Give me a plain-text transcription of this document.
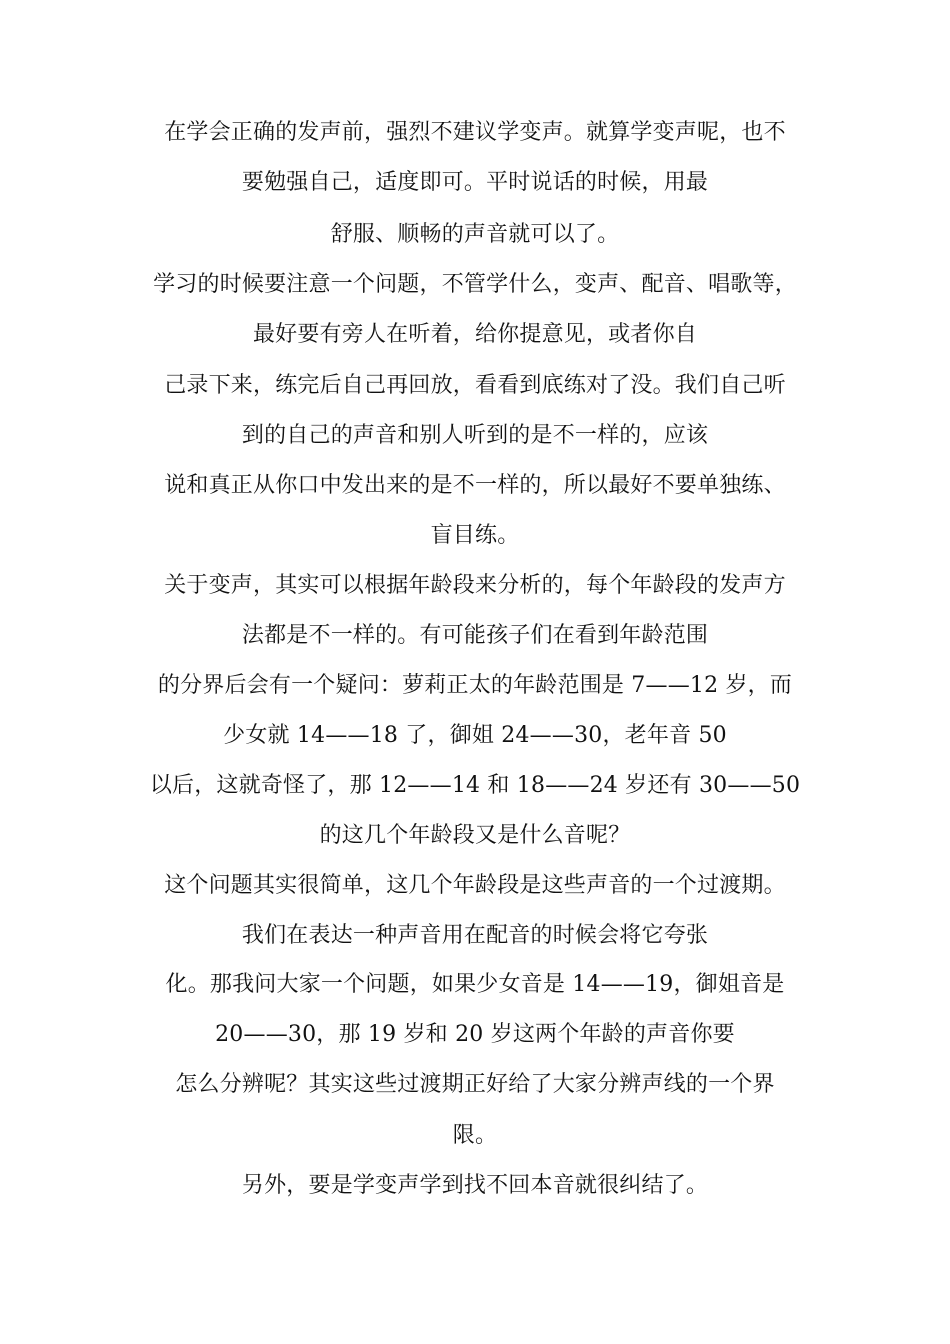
在学会正确的发声前，强烈不建议学变声。就算学变声呢，也不
要勉强自己，适度即可。平时说话的时候，用最
舒服、顺畅的声音就可以了。
学习的时候要注意一个问题，不管学什么，变声、配音、唱歌等，
最好要有旁人在听着，给你提意见，或者你自
己录下来，练完后自己再回放，看看到底练对了没。我们自己听
到的自己的声音和别人听到的是不一样的，应该
说和真正从你口中发出来的是不一样的，所以最好不要单独练、
盲目练。
关于变声，其实可以根据年龄段来分析的，每个年龄段的发声方
法都是不一样的。有可能孩子们在看到年龄范围
的分界后会有一个疑问：萝莉正太的年龄范围是 7——12 岁，而
少女就 14——18 了，御姐 24——30，老年音 50
以后，这就奇怪了，那 12——14 和 18——24 岁还有 30——50
的这几个年龄段又是什么音呢？
这个问题其实很简单，这几个年龄段是这些声音的一个过渡期。
我们在表达一种声音用在配音的时候会将它夸张
化。那我问大家一个问题，如果少女音是 14——19，御姐音是
20——30，那 19 岁和 20 岁这两个年龄的声音你要
怎么分辨呢？其实这些过渡期正好给了大家分辨声线的一个界
限。
另外，要是学变声学到找不回本音就很纠结了。
